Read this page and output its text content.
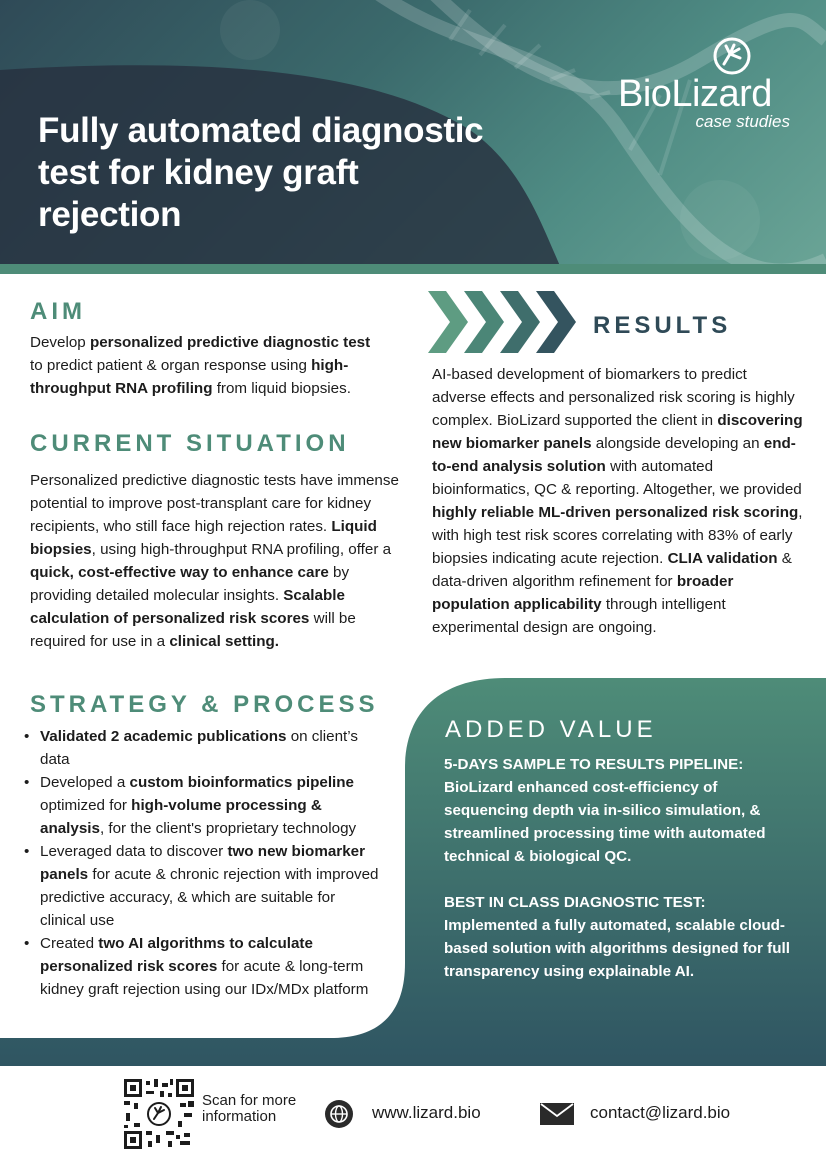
Fully automated diagnostic test for kidney graft rejection
BioLizard
case studies
AIM

Develop personalized predictive diagnostic test to predict patient & organ response using high-throughput RNA profiling from liquid biopsies.

CURRENT SITUATION

Personalized predictive diagnostic tests have immense potential to improve post-transplant care for kidney recipients, who still face high rejection rates. Liquid biopsies, using high-throughput RNA profiling, offer a quick, cost-effective way to enhance care by providing detailed molecular insights. Scalable calculation of personalized risk scores will be required for use in a clinical setting.

STRATEGY & PROCESS
• Validated 2 academic publications on client’s data
• Developed a custom bioinformatics pipeline optimized for high-volume processing & analysis, for the client's proprietary technology
• Leveraged data to discover two new biomarker panels for acute & chronic rejection with improved predictive accuracy, & which are suitable for clinical use
• Created two AI algorithms to calculate personalized risk scores for acute & long-term kidney graft rejection using our IDx/MDx platform
RESULTS

AI-based development of biomarkers to predict adverse effects and personalized risk scoring is highly complex. BioLizard supported the client in discovering new biomarker panels alongside developing an end-to-end analysis solution with automated bioinformatics, QC & reporting. Altogether, we provided highly reliable ML-driven personalized risk scoring, with high test risk scores correlating with 83% of early biopsies indicating acute rejection. CLIA validation & data-driven algorithm refinement for broader population applicability through intelligent experimental design are ongoing.

ADDED VALUE
5-DAYS SAMPLE TO RESULTS PIPELINE:
BioLizard enhanced cost-efficiency of sequencing depth via in-silico simulation, & streamlined processing time with automated technical & biological QC.
BEST IN CLASS DIAGNOSTIC TEST:
Implemented a fully automated, scalable cloud-based solution with algorithms designed for full transparency using explainable AI.
Scan for more information	www.lizard.bio	contact@lizard.bio
